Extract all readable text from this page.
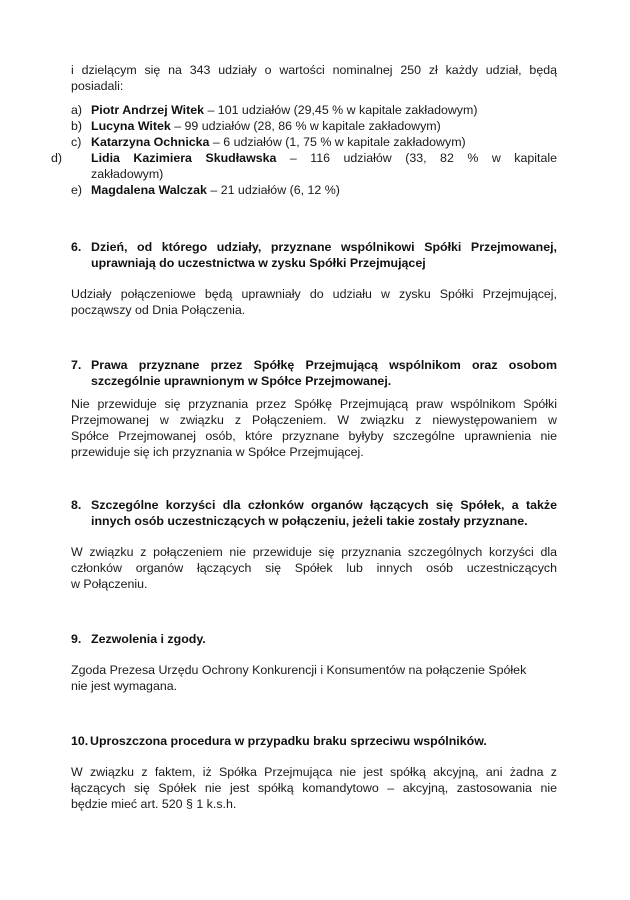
i dzielącym się na 343 udziały o wartości nominalnej 250 zł każdy udział, będą

posiadali:

a) Piotr Andrzej Witek – 101 udziałów (29,45 % w kapitale zakładowym)
b) Lucyna Witek – 99 udziałów (28, 86 % w kapitale zakładowym)
c) Katarzyna Ochnicka – 6 udziałów (1, 75 % w kapitale zakładowym)
d) Lidia Kazimiera Skudławska – 116 udziałów (33, 82 % w kapitale
zakładowym)
e) Magdalena Walczak – 21 udziałów (6, 12 %)
6. Dzień, od którego udziały, przyznane wspólnikowi Spółki Przejmowanej,
uprawniają do uczestnictwa w zysku Spółki Przejmującej

Udziały połączeniowe będą uprawniały do udziału w zysku Spółki Przejmującej,

począwszy od Dnia Połączenia.

7. Prawa przyznane przez Spółkę Przejmującą wspólnikom oraz osobom
szczególnie uprawnionym w Spółce Przejmowanej.

Nie przewiduje się przyznania przez Spółkę Przejmującą praw wspólnikom Spółki

Przejmowanej w związku z Połączeniem. W związku z niewystępowaniem w

Spółce Przejmowanej osób, które przyznane byłyby szczególne uprawnienia nie

przewiduje się ich przyznania w Spółce Przejmującej.

8. Szczególne korzyści dla członków organów łączących się Spółek, a także
innych osób uczestniczących w połączeniu, jeżeli takie zostały przyznane.

W związku z połączeniem nie przewiduje się przyznania szczególnych korzyści dla

członków organów łączących się Spółek lub innych osób uczestniczących

w Połączeniu.

9. Zezwolenia i zgody.

Zgoda Prezesa Urzędu Ochrony Konkurencji i Konsumentów na połączenie Spółek

nie jest wymagana.

10. Uproszczona procedura w przypadku braku sprzeciwu wspólników.

W związku z faktem, iż Spółka Przejmująca nie jest spółką akcyjną, ani żadna z

łączących się Spółek nie jest spółką komandytowo – akcyjną, zastosowania nie

będzie mieć art. 520 § 1 k.s.h.
